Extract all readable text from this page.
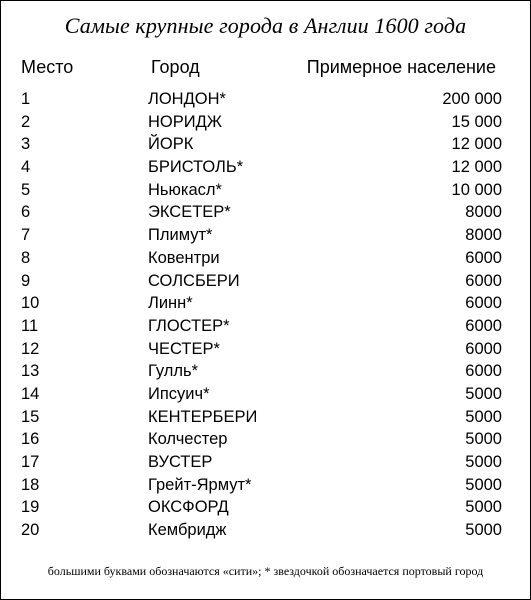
Самые крупные города в Англии 1600 года
Место	Город	Примерное население
1	ЛОНДОН*	200 000
2	НОРИДЖ	15 000
3	ЙОРК	12 000
4	БРИСТОЛЬ*	12 000
5	Ньюкасл*	10 000
6	ЭКСЕТЕР*	8000
7	Плимут*	8000
8	Ковентри	6000
9	СОЛСБЕРИ	6000
10	Линн*	6000
11	ГЛОСТЕР*	6000
12	ЧЕСТЕР*	6000
13	Гулль*	6000
14	Ипсуич*	5000
15	КЕНТЕРБЕРИ	5000
16	Колчестер	5000
17	ВУСТЕР	5000
18	Грейт-Ярмут*	5000
19	ОКСФОРД	5000
20	Кембридж	5000
большими буквами обозначаются «сити»; * звездочкой обозначается портовый город
